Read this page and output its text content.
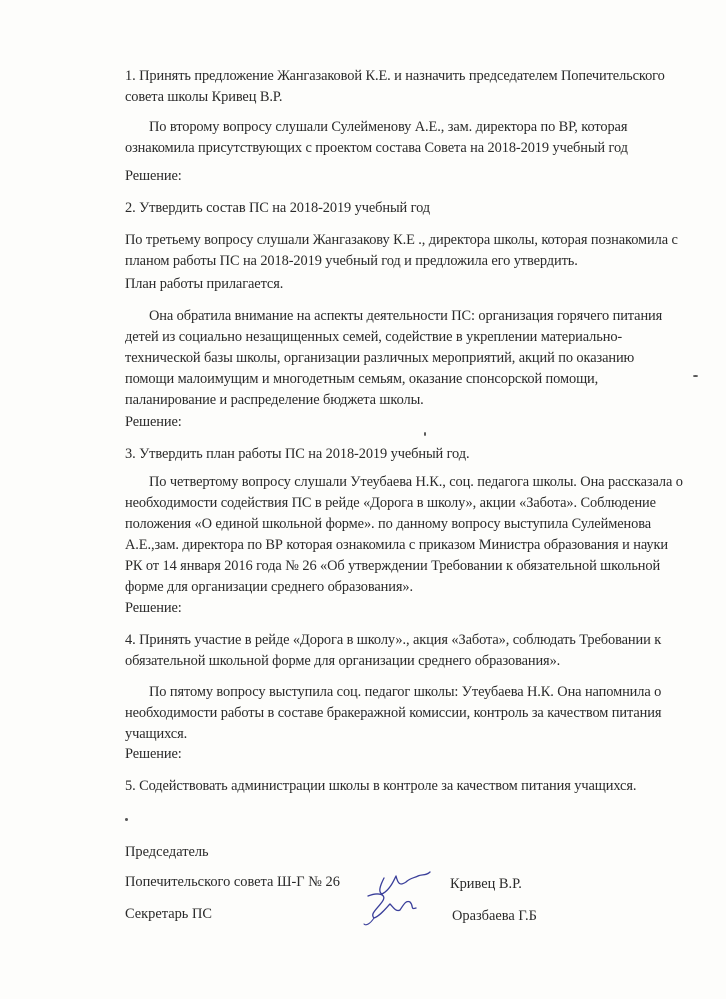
1. Принять предложение Жангазаковой К.Е. и назначить председателем Попечительского совета школы Кривец В.Р.

По второму вопросу слушали Сулейменову А.Е., зам. директора по ВР, которая ознакомила присутствующих с проектом состава Совета на 2018-2019 учебный год

Решение:

2. Утвердить состав ПС на 2018-2019 учебный год

По третьему вопросу слушали Жангазакову К.Е ., директора школы, которая познакомила с планом работы ПС на 2018-2019 учебный год и предложила его утвердить.

План работы прилагается.

Она обратила внимание на аспекты деятельности ПС: организация горячего питания детей из социально незащищенных семей, содействие в укреплении материально-технической базы школы, организации различных мероприятий, акций по оказанию помощи малоимущим и многодетным семьям, оказание спонсорской помощи, паланирование и распределение бюджета школы.

Решение:

3. Утвердить план работы ПС на 2018-2019 учебный год.

По четвертому вопросу слушали Утеубаева Н.К., соц. педагога школы. Она рассказала о необходимости содействия ПС в рейде «Дорога в школу», акции «Забота». Соблюдение положения «О единой школьной форме». по данному вопросу выступила Сулейменова А.Е.,зам. директора по ВР которая ознакомила с приказом Министра образования и науки РК от 14 января 2016 года № 26 «Об утверждении Требовании к обязательной школьной форме для организации среднего образования».

Решение:

4. Принять участие в рейде «Дорога в школу»., акция «Забота», соблюдать Требовании к обязательной школьной форме для организации среднего образования».

По пятому вопросу выступила соц. педагог школы: Утеубаева Н.К. Она напомнила о необходимости работы в составе бракеражной комиссии, контроль за качеством питания учащихся.

Решение:

5. Содействовать администрации школы в контроле за качеством питания учащихся.

Председатель
Попечительского совета Ш-Г № 26	Кривец В.Р.
Секретарь ПС	Оразбаева Г.Б
